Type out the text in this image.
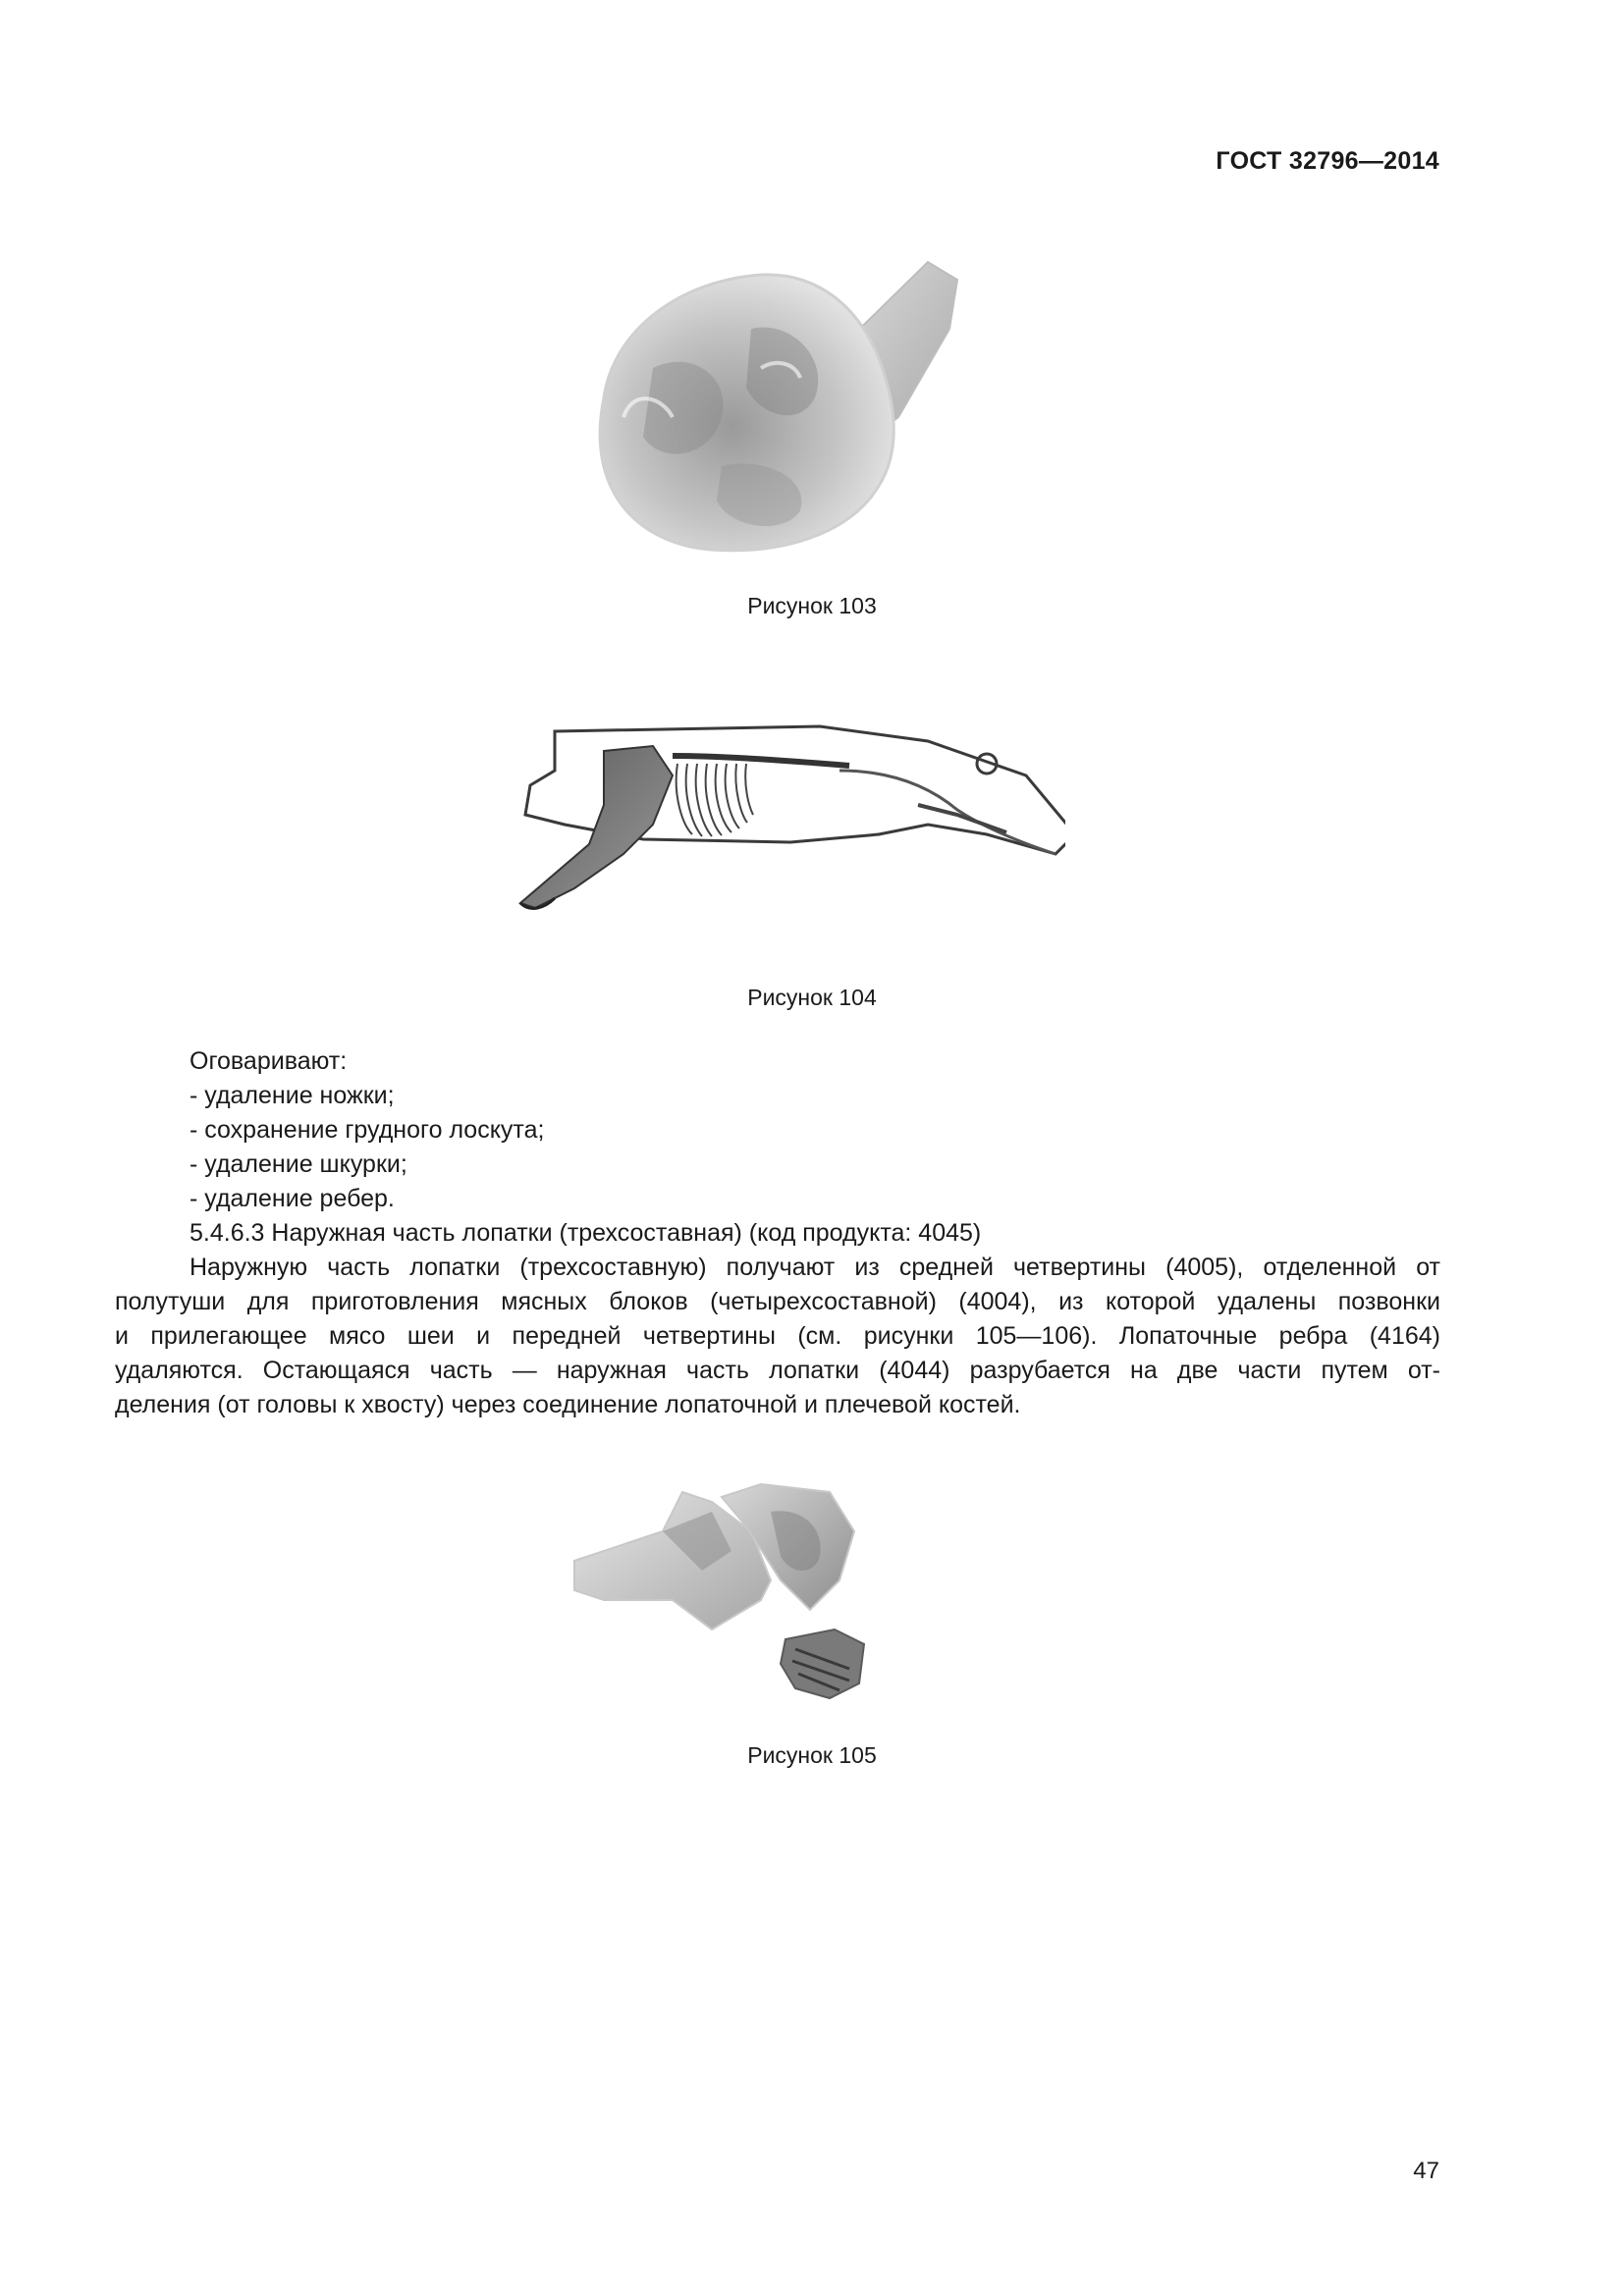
ГОСТ 32796—2014
Рисунок 103
Рисунок 104
Оговаривают:
- удаление ножки;
- сохранение грудного лоскута;
- удаление шкурки;
- удаление ребер.
5.4.6.3 Наружная часть лопатки (трехсоставная) (код продукта: 4045)
Наружную часть лопатки (трехсоставную) получают из средней четвертины (4005), отделенной от
полутуши для приготовления мясных блоков (четырехсоставной) (4004), из которой удалены позвонки
и прилегающее мясо шеи и передней четвертины (см. рисунки 105—106). Лопаточные ребра (4164)
удаляются. Остающаяся часть — наружная часть лопатки (4044) разрубается на две части путем от-
деления (от головы к хвосту) через соединение лопаточной и плечевой костей.
Рисунок 105
47
